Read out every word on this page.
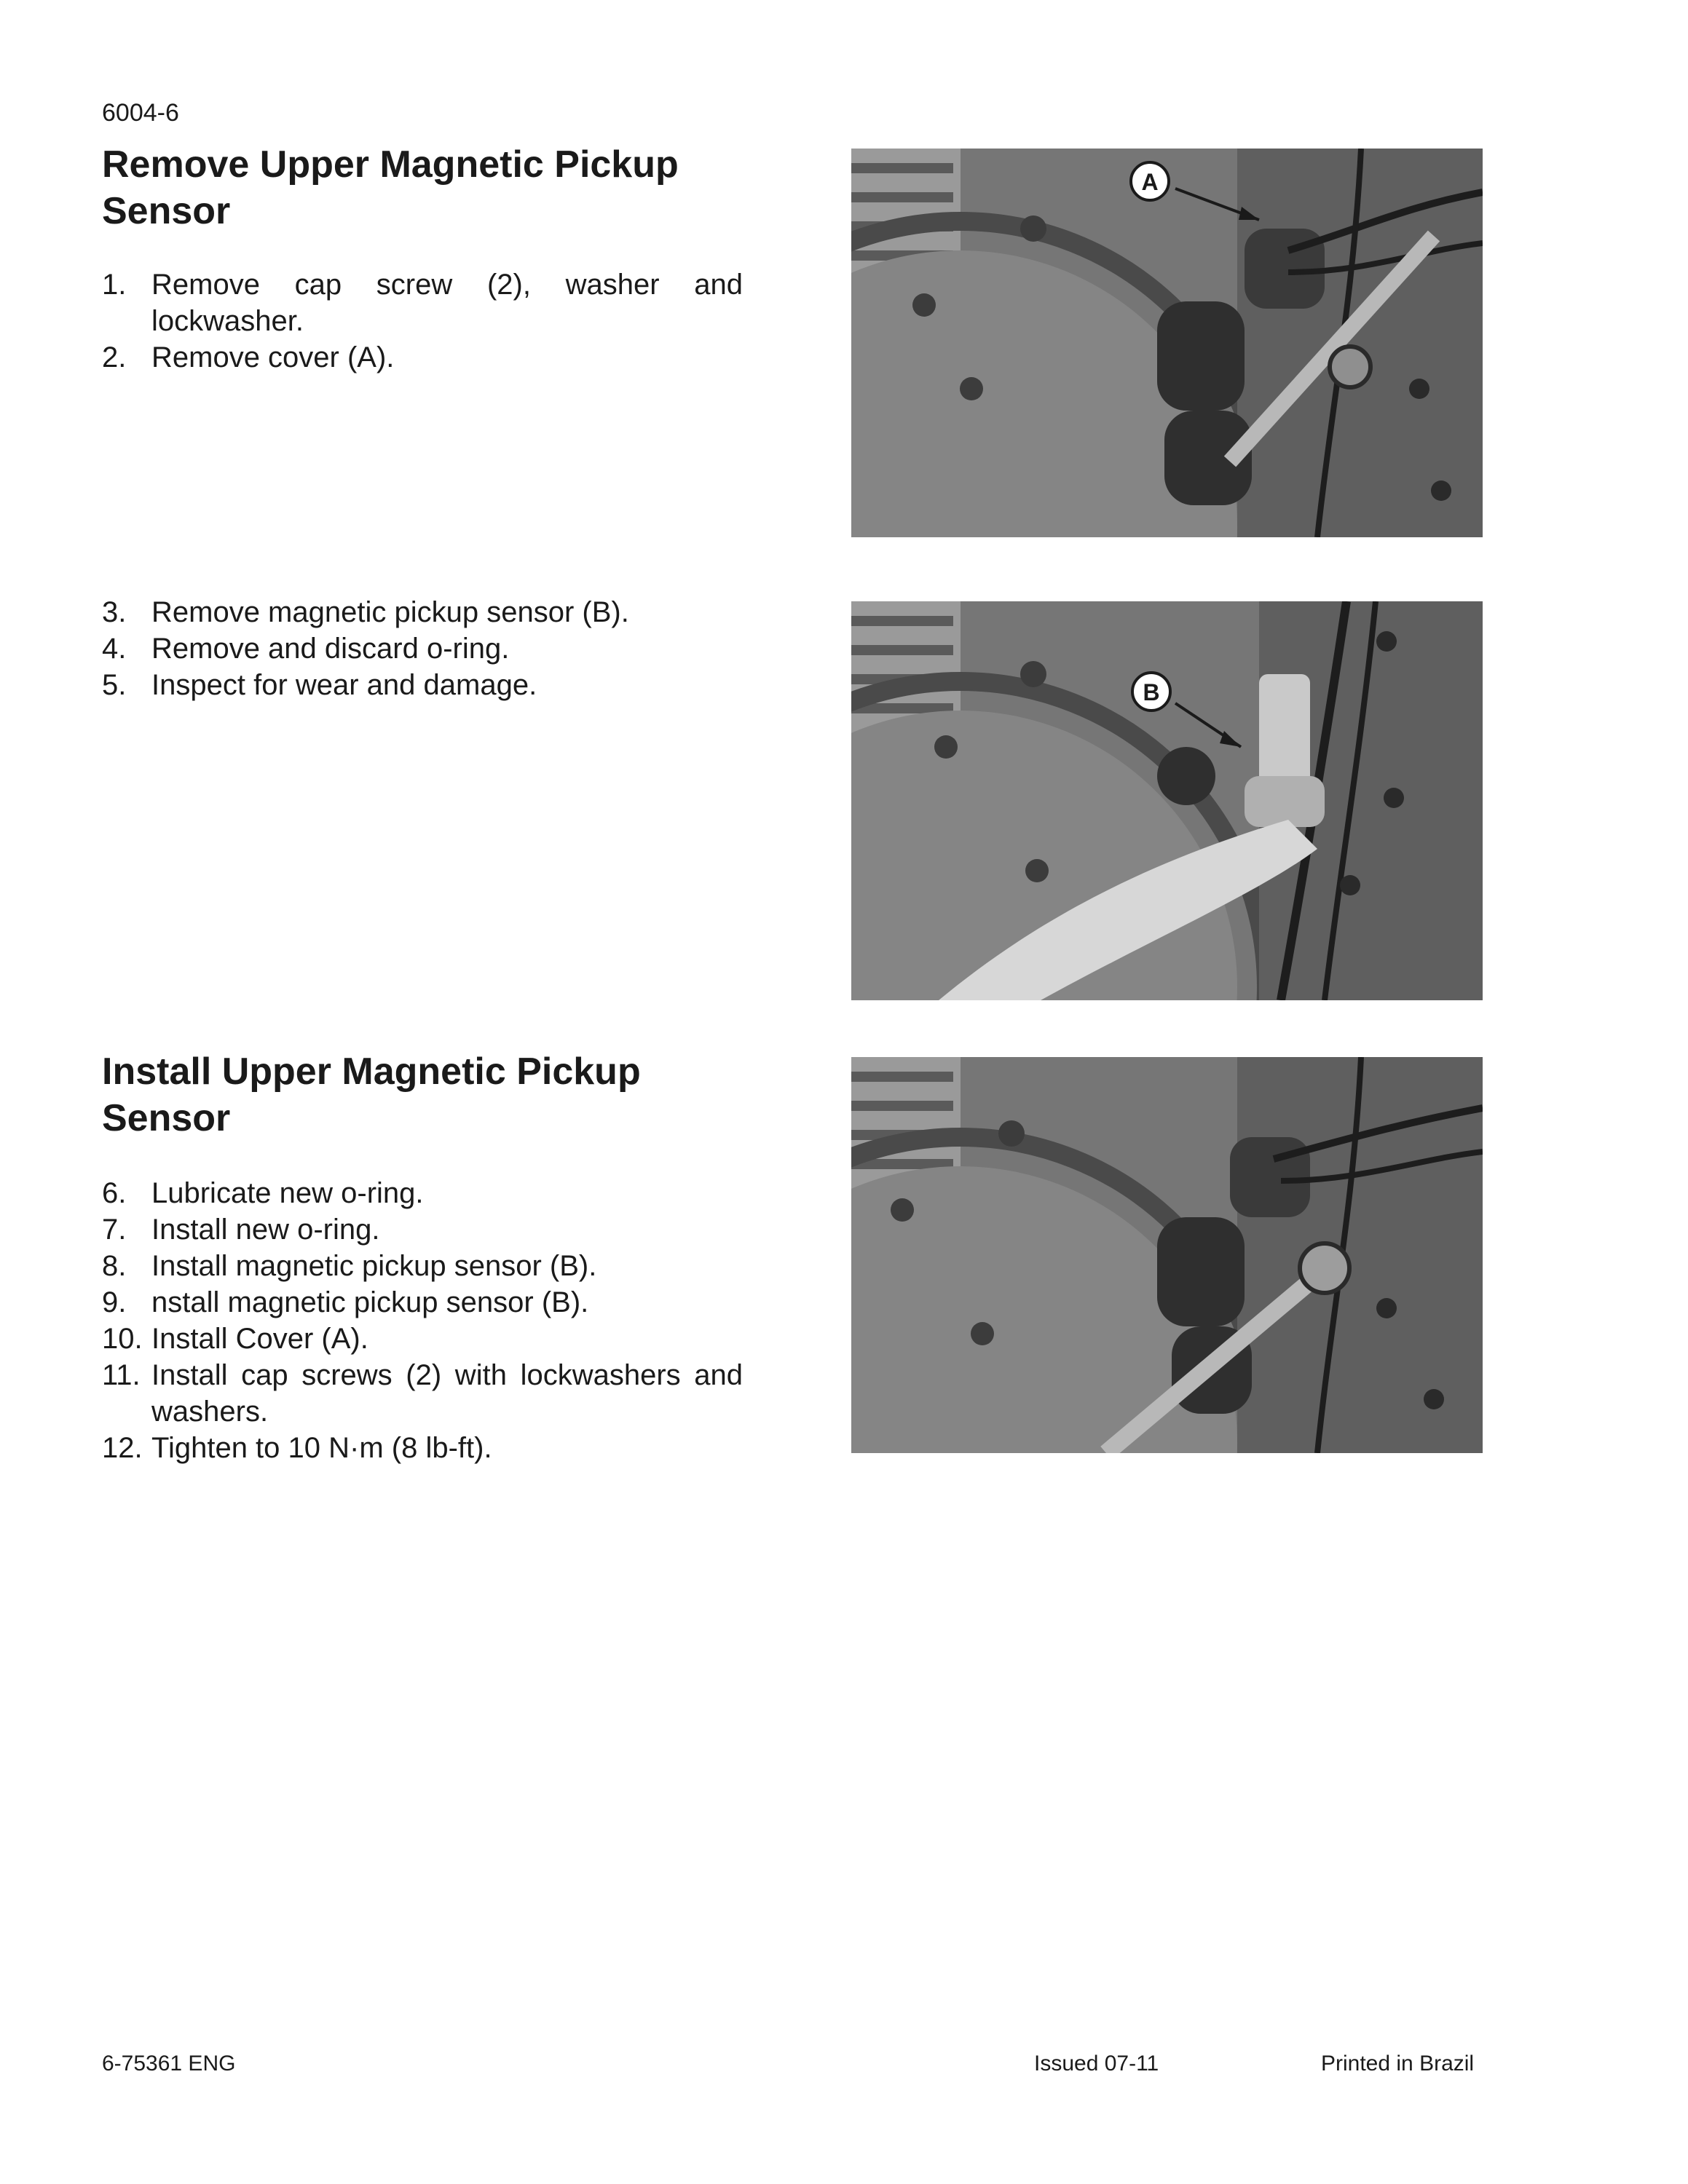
6004-6
Remove Upper Magnetic Pickup
Sensor
1. Remove cap screw (2), washer and lockwasher.
2. Remove cover (A).
3. Remove magnetic pickup sensor (B).
4. Remove and discard o-ring.
5. Inspect for wear and damage.
Install Upper Magnetic Pickup
Sensor
6. Lubricate new o-ring.
7. Install new o-ring.
8. Install magnetic pickup sensor (B).
9. nstall magnetic pickup sensor (B).
10. Install Cover (A).
11. Install cap screws (2) with lockwashers and washers.
12. Tighten to 10 N·m (8 lb-ft).
A
B
6-75361 ENG	Issued 07-11	Printed in Brazil
